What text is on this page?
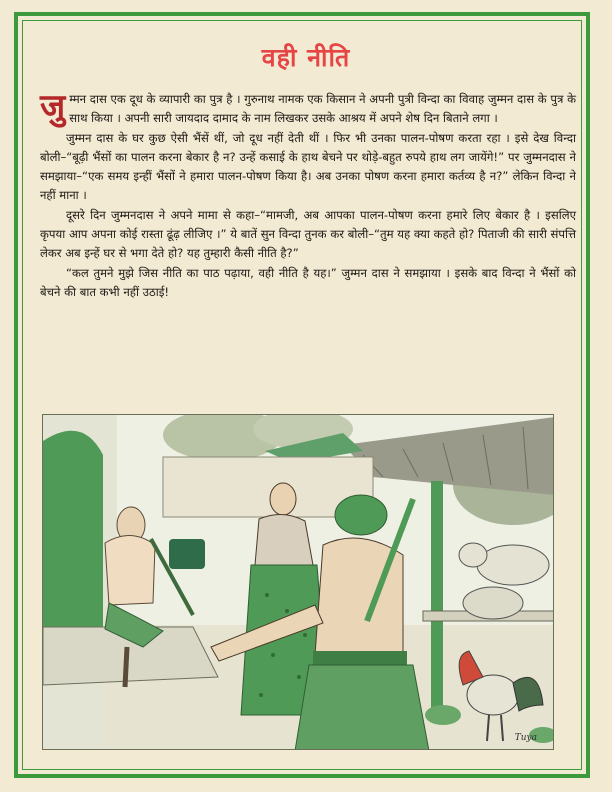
वही नीति

जुम्मन दास एक दूध के व्यापारी का पुत्र है । गुरुनाथ नामक एक किसान ने अपनी पुत्री विन्दा का विवाह जुम्मन दास के पुत्र के साथ किया । अपनी सारी जायदाद दामाद के नाम लिखकर उसके आश्रय में अपने शेष दिन बिताने लगा ।

जुम्मन दास के घर कुछ ऐसी भैंसें थीं, जो दूध नहीं देती थीं । फिर भी उनका पालन-पोषण करता रहा । इसे देख विन्दा बोली–“बूढ़ी भैंसों का पालन करना बेकार है न? उन्हें कसाई के हाथ बेचने पर थोड़े-बहुत रुपये हाथ लग जायेंगे!” पर जुम्मनदास ने समझाया–“एक समय इन्हीं भैंसों ने हमारा पालन-पोषण किया है। अब उनका पोषण करना हमारा कर्तव्य है न?” लेकिन विन्दा ने नहीं माना ।

दूसरे दिन जुम्मनदास ने अपने मामा से कहा–“मामजी, अब आपका पालन-पोषण करना हमारे लिए बेकार है । इसलिए कृपया आप अपना कोई रास्ता ढूंढ़ लीजिए ।” ये बातें सुन विन्दा तुनक कर बोली–“तुम यह क्या कहते हो? पिताजी की सारी संपत्ति लेकर अब इन्हें घर से भगा देते हो? यह तुम्हारी कैसी नीति है?”

“कल तुमने मुझे जिस नीति का पाठ पढ़ाया, वही नीति है यह।” जुम्मन दास ने समझाया । इसके बाद विन्दा ने भैंसों को बेचने की बात कभी नहीं उठाई!

Tuya
